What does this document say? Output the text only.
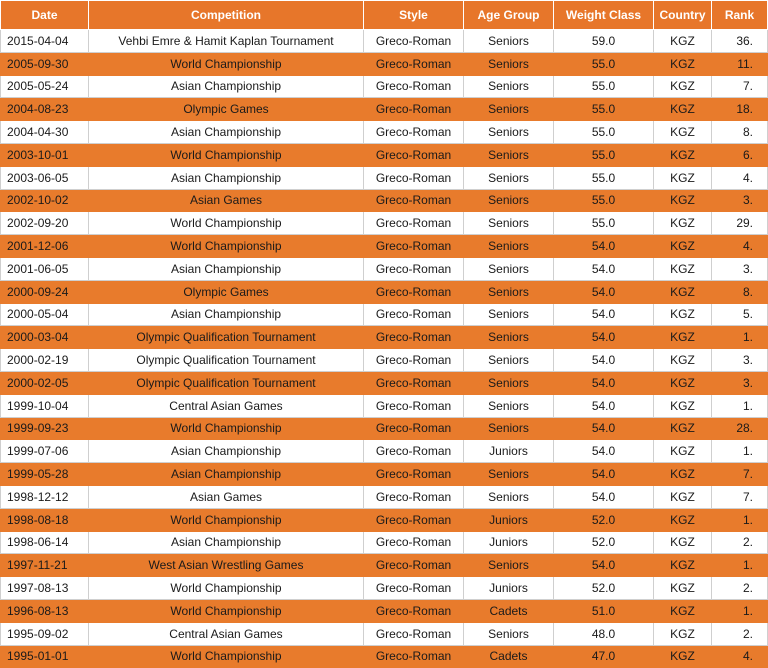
Date	Competition	Style	Age Group	Weight Class	Country	Rank
2015-04-04	Vehbi Emre & Hamit Kaplan Tournament	Greco-Roman	Seniors	59.0	KGZ	36.
2005-09-30	World Championship	Greco-Roman	Seniors	55.0	KGZ	11.
2005-05-24	Asian Championship	Greco-Roman	Seniors	55.0	KGZ	7.
2004-08-23	Olympic Games	Greco-Roman	Seniors	55.0	KGZ	18.
2004-04-30	Asian Championship	Greco-Roman	Seniors	55.0	KGZ	8.
2003-10-01	World Championship	Greco-Roman	Seniors	55.0	KGZ	6.
2003-06-05	Asian Championship	Greco-Roman	Seniors	55.0	KGZ	4.
2002-10-02	Asian Games	Greco-Roman	Seniors	55.0	KGZ	3.
2002-09-20	World Championship	Greco-Roman	Seniors	55.0	KGZ	29.
2001-12-06	World Championship	Greco-Roman	Seniors	54.0	KGZ	4.
2001-06-05	Asian Championship	Greco-Roman	Seniors	54.0	KGZ	3.
2000-09-24	Olympic Games	Greco-Roman	Seniors	54.0	KGZ	8.
2000-05-04	Asian Championship	Greco-Roman	Seniors	54.0	KGZ	5.
2000-03-04	Olympic Qualification Tournament	Greco-Roman	Seniors	54.0	KGZ	1.
2000-02-19	Olympic Qualification Tournament	Greco-Roman	Seniors	54.0	KGZ	3.
2000-02-05	Olympic Qualification Tournament	Greco-Roman	Seniors	54.0	KGZ	3.
1999-10-04	Central Asian Games	Greco-Roman	Seniors	54.0	KGZ	1.
1999-09-23	World Championship	Greco-Roman	Seniors	54.0	KGZ	28.
1999-07-06	Asian Championship	Greco-Roman	Juniors	54.0	KGZ	1.
1999-05-28	Asian Championship	Greco-Roman	Seniors	54.0	KGZ	7.
1998-12-12	Asian Games	Greco-Roman	Seniors	54.0	KGZ	7.
1998-08-18	World Championship	Greco-Roman	Juniors	52.0	KGZ	1.
1998-06-14	Asian Championship	Greco-Roman	Juniors	52.0	KGZ	2.
1997-11-21	West Asian Wrestling Games	Greco-Roman	Seniors	54.0	KGZ	1.
1997-08-13	World Championship	Greco-Roman	Juniors	52.0	KGZ	2.
1996-08-13	World Championship	Greco-Roman	Cadets	51.0	KGZ	1.
1995-09-02	Central Asian Games	Greco-Roman	Seniors	48.0	KGZ	2.
1995-01-01	World Championship	Greco-Roman	Cadets	47.0	KGZ	4.
